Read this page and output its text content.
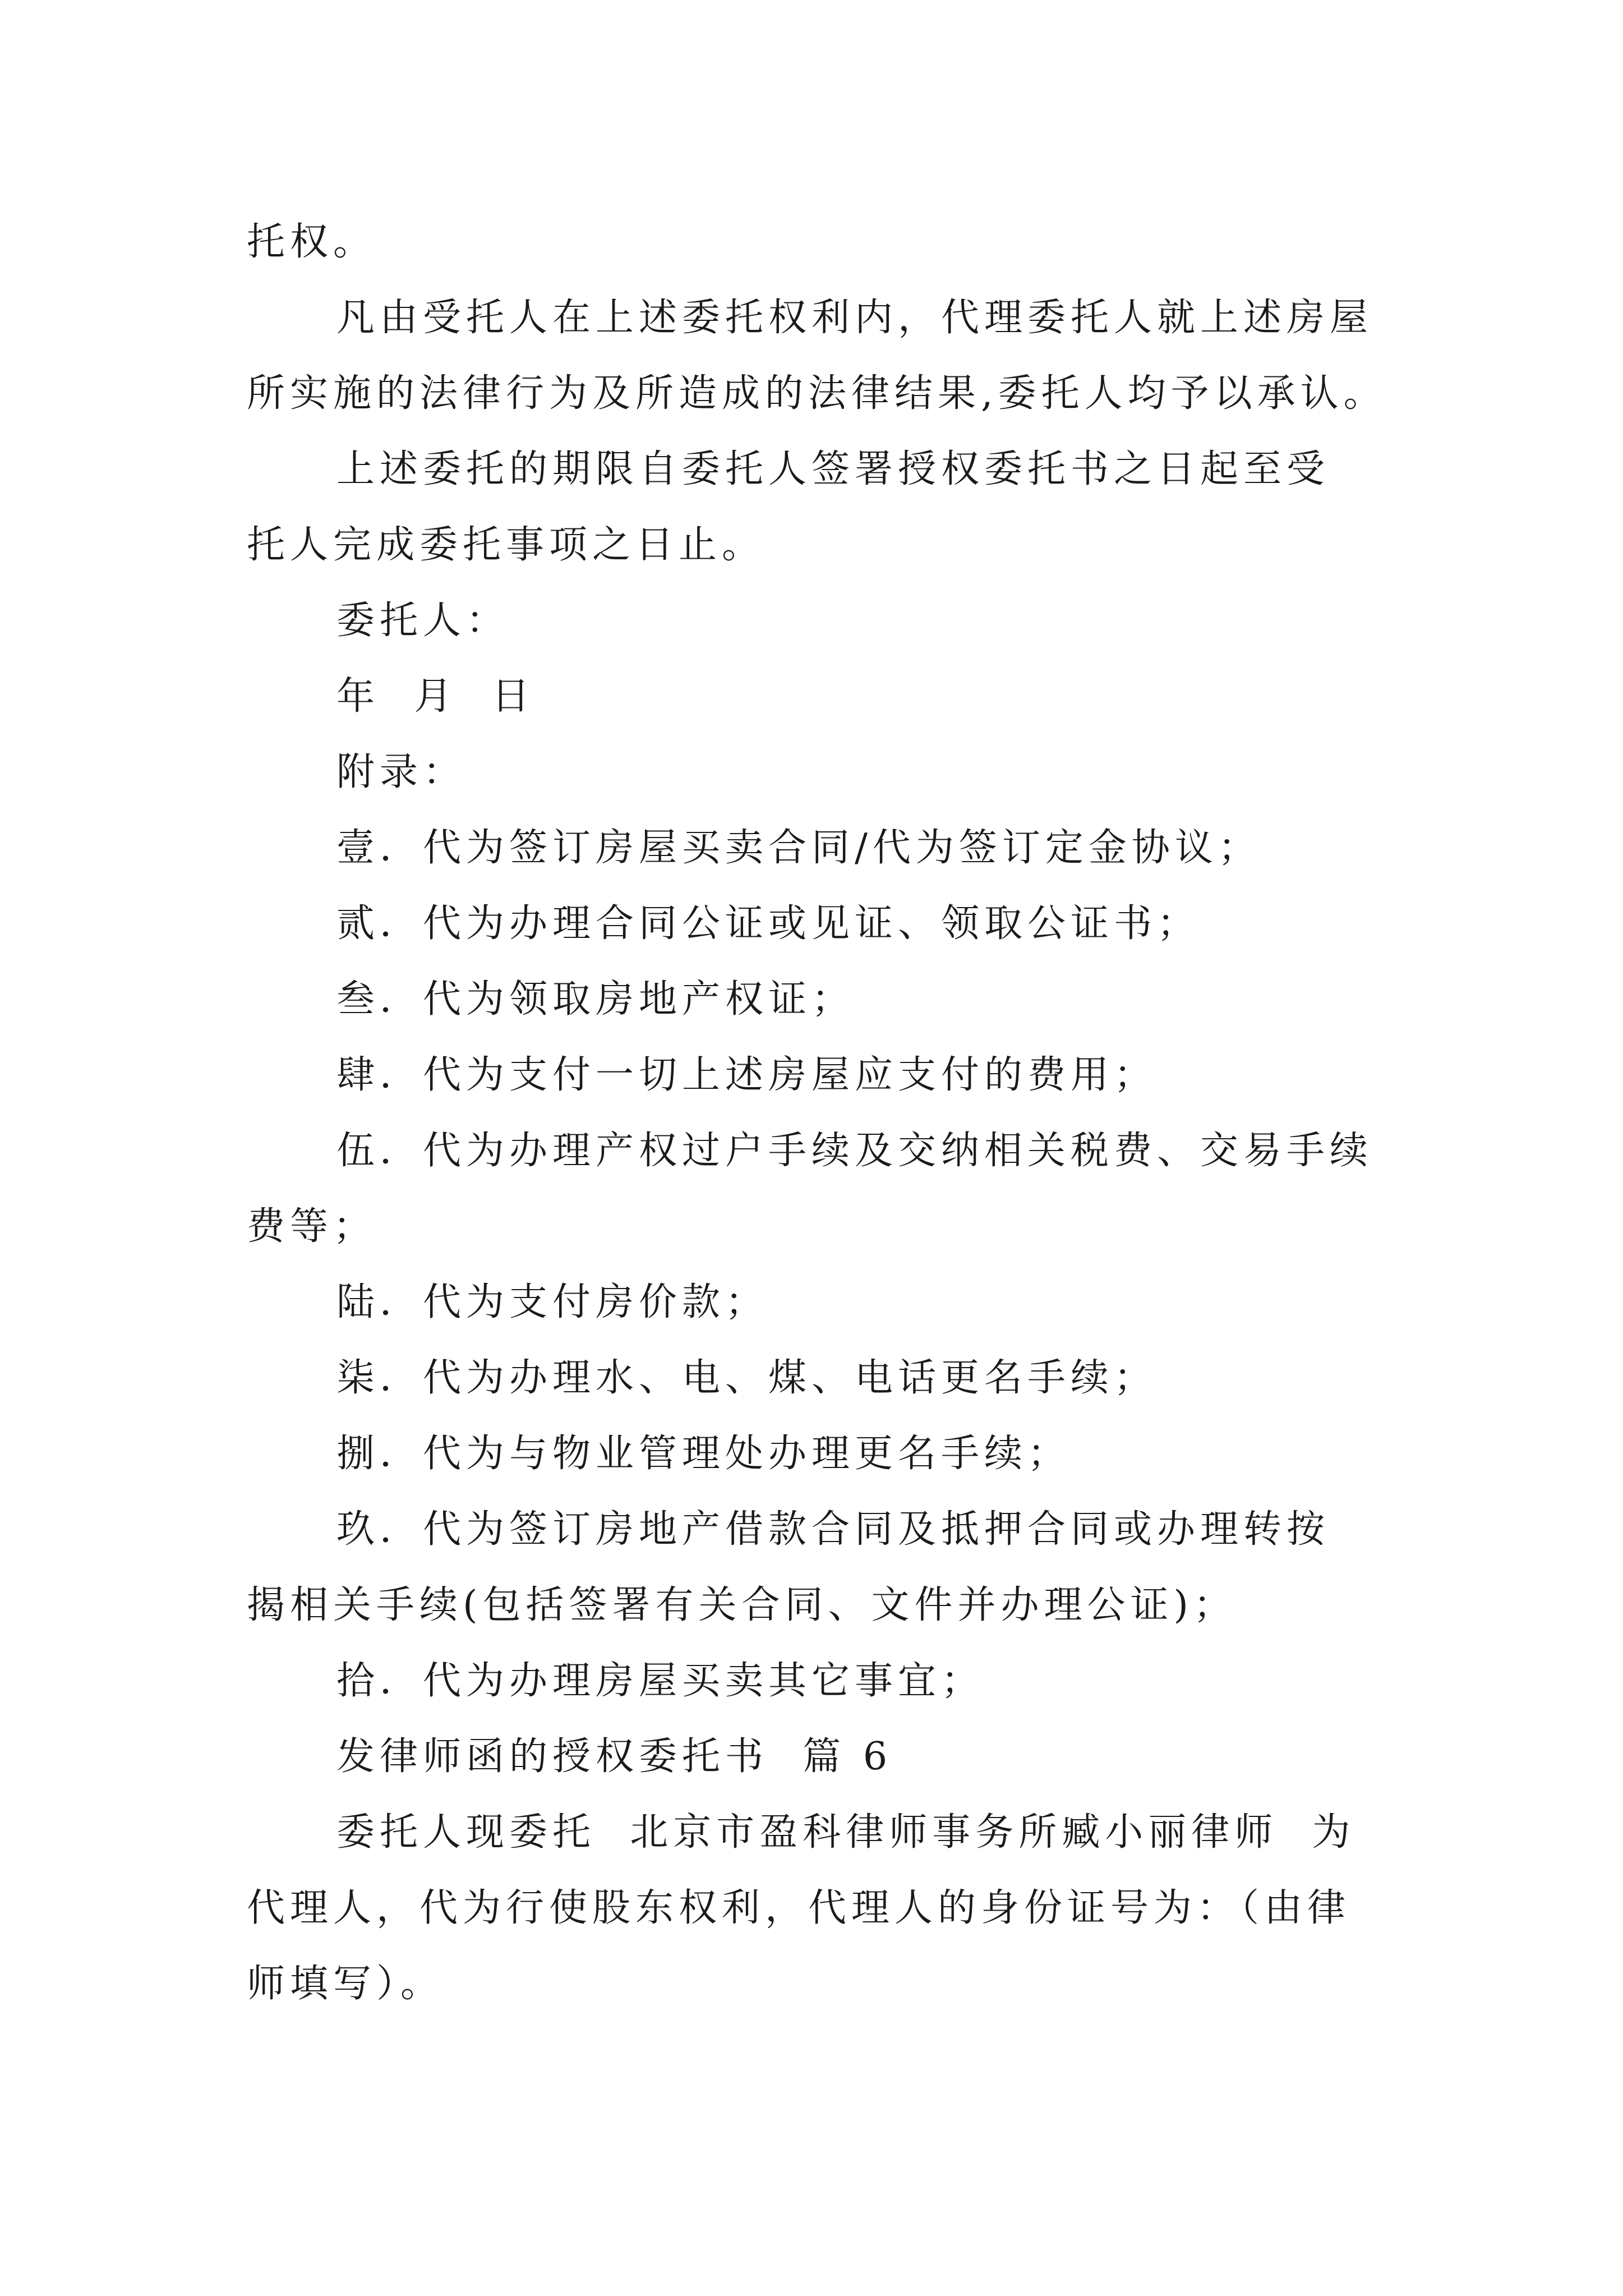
托权。
凡由受托人在上述委托权利内，代理委托人就上述房屋
所实施的法律行为及所造成的法律结果,委托人均予以承认。
上述委托的期限自委托人签署授权委托书之日起至受
托人完成委托事项之日止。
委托人：
年  月  日
附录：
壹．代为签订房屋买卖合同/代为签订定金协议；
贰．代为办理合同公证或见证、领取公证书；
叁．代为领取房地产权证；
肆．代为支付一切上述房屋应支付的费用；
伍．代为办理产权过户手续及交纳相关税费、交易手续
费等；
陆．代为支付房价款；
柒．代为办理水、电、煤、电话更名手续；
捌．代为与物业管理处办理更名手续；
玖．代为签订房地产借款合同及抵押合同或办理转按
揭相关手续(包括签署有关合同、文件并办理公证)；
拾．代为办理房屋买卖其它事宜；
发律师函的授权委托书  篇 6
委托人现委托  北京市盈科律师事务所臧小丽律师  为
代理人，代为行使股东权利，代理人的身份证号为：（由律
师填写）。
